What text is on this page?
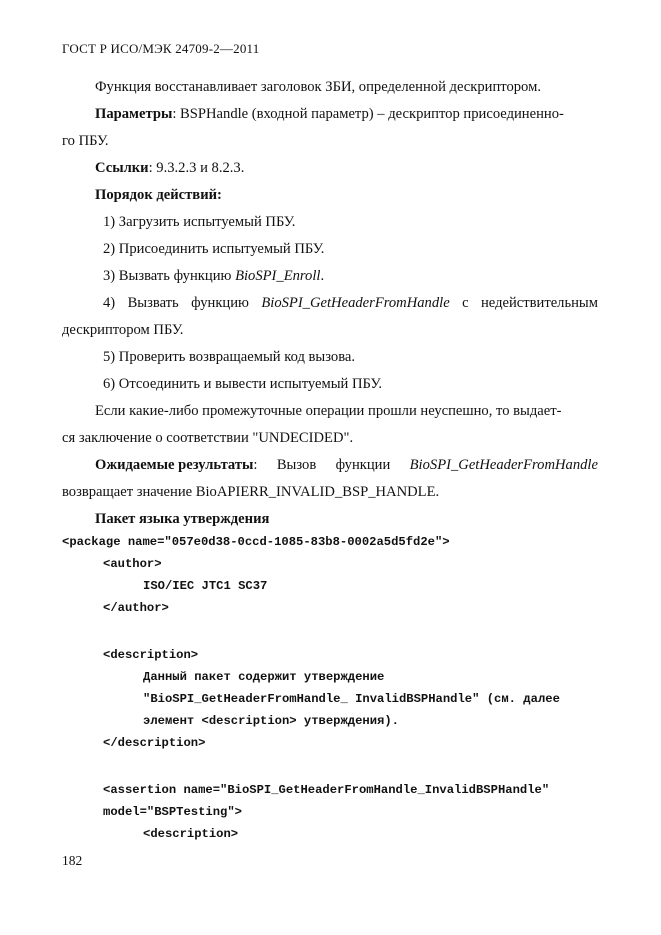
ГОСТ Р ИСО/МЭК 24709-2—2011
Функция восстанавливает заголовок ЗБИ, определенной дескриптором.
Параметры: BSPHandle (входной параметр) – дескриптор присоединенно-
го ПБУ.
Ссылки: 9.3.2.3 и 8.2.3.
Порядок действий:
1) Загрузить испытуемый ПБУ.
2) Присоединить испытуемый ПБУ.
3) Вызвать функцию BioSPI_Enroll.
4) Вызвать функцию BioSPI_GetHeaderFromHandle с недействительным
дескриптором ПБУ.
5) Проверить возвращаемый код вызова.
6) Отсоединить и вывести испытуемый ПБУ.
Если какие-либо промежуточные операции прошли неуспешно, то выдает-
ся заключение о соответствии "UNDECIDED".
Ожидаемые результаты: Вызов функции BioSPI_GetHeaderFromHandle
возвращает значение BioAPIERR_INVALID_BSP_HANDLE.
Пакет языка утверждения
<package name="057e0d38-0ccd-1085-83b8-0002a5d5fd2e">
<author>
ISO/IEC JTC1 SC37
</author>
<description>
Данный пакет содержит утверждение
"BioSPI_GetHeaderFromHandle_ InvalidBSPHandle" (см. далее
элемент <description> утверждения).
</description>
<assertion name="BioSPI_GetHeaderFromHandle_InvalidBSPHandle"
model="BSPTesting">
<description>
182
